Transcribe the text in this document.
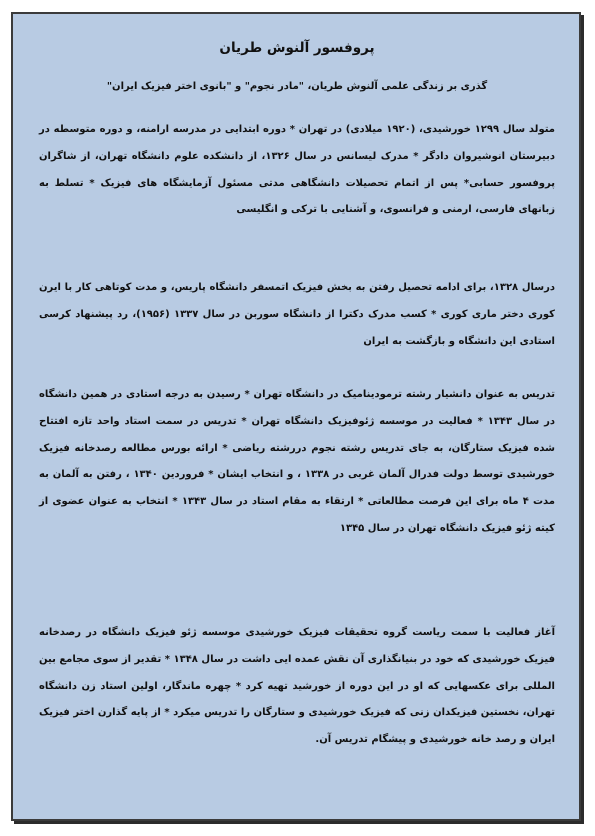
پروفسور آلنوش طریان
گذری بر زندگی علمی آلنوش طریان، "مادر نجوم" و "بانوی اختر فیزیک ایران"

متولد سال ۱۲۹۹ خورشیدی، (۱۹۲۰ میلادی) در تهران * دوره ابتدایی در مدرسه ارامنه، و دوره متوسطه در دبیرستان انوشیروان دادگر * مدرک لیسانس در سال ۱۳۲۶، از دانشکده علوم دانشگاه تهران، از شاگران پروفسور حسابی* پس از اتمام تحصیلات دانشگاهی مدتی مسئول آزمایشگاه های فیزیک * تسلط به زبانهای فارسی، ارمنی و فرانسوی، و آشنایی با ترکی و انگلیسی

درسال ۱۳۲۸، برای ادامه تحصیل رفتن به بخش فیزیک اتمسفر دانشگاه پاریس، و مدت کوتاهی کار با ایرن کوری دختر ماری کوری * کسب مدرک دکترا از دانشگاه سوربن در سال ۱۳۳۷ (۱۹۵۶)، رد پیشنهاد کرسی استادی این دانشگاه و بازگشت به ایران

تدریس به عنوان دانشیار رشته ترمودینامیک در دانشگاه تهران * رسیدن به درجه استادی در همین دانشگاه در سال ۱۳۴۳ * فعالیت در موسسه ژئوفیزیک دانشگاه تهران * تدریس در سمت استاد واحد تازه افتتاح شده فیزیک ستارگان، به جای تدریس رشته نجوم دررشته ریاضی * ارائه بورس مطالعه رصدخانه فیزیک خورشیدی توسط دولت فدرال آلمان غربی در ۱۳۳۸ ، و انتخاب ایشان * فروردین ۱۳۴۰ ، رفتن به آلمان به مدت ۴ ماه برای این فرصت مطالعاتی * ارتقاء به مقام استاد در سال ۱۳۴۳ * انتخاب به عنوان عضوی از کیته ژئو فیزیک دانشگاه تهران در سال ۱۳۴۵

آغاز فعالیت با سمت ریاست گروه تحقیقات فیزیک خورشیدی موسسه ژئو فیزیک دانشگاه در رصدخانه فیزیک خورشیدی که خود در بنیانگذاری آن نقش عمده ایی داشت در سال ۱۳۴۸ * تقدیر از سوی مجامع بین المللی برای عکسهایی که او در این دوره از خورشید تهیه کرد * چهره ماندگار، اولین استاد زن دانشگاه تهران، نخستین فیزیکدان زنی که فیزیک خورشیدی و ستارگان را تدریس میکرد * از پایه گذارن اختر فیزیک ایران و رصد خانه خورشیدی و پیشگام تدریس آن.
